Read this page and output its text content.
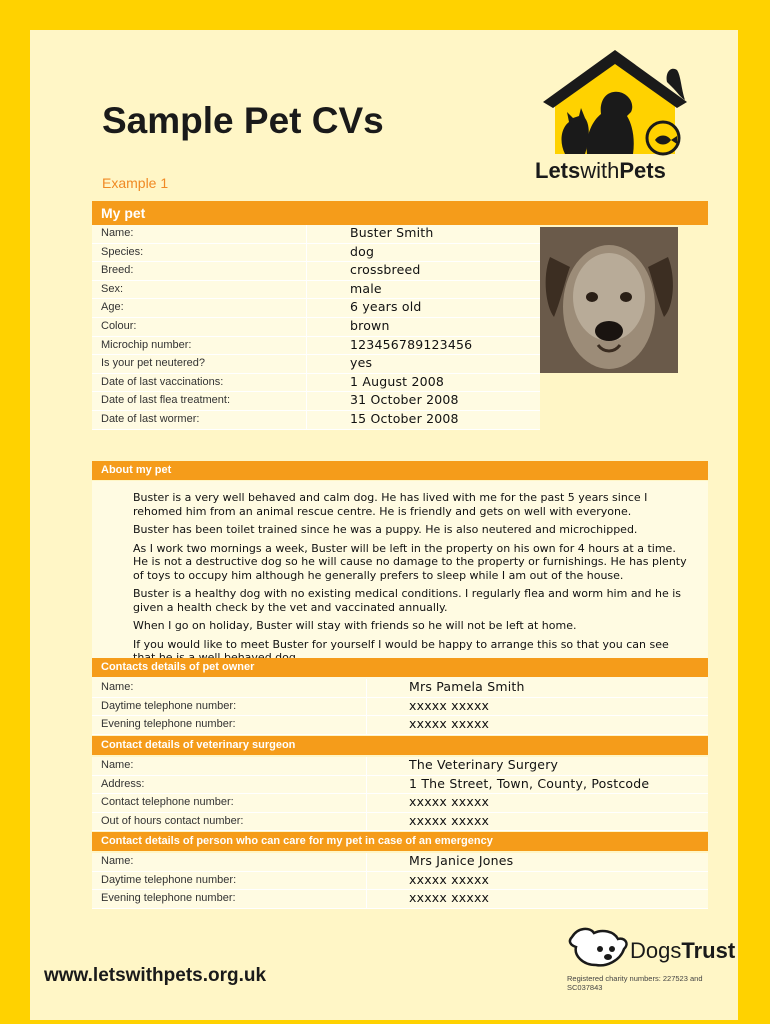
Sample Pet CVs
Example 1	LetswithPets
My pet
Name:	Buster Smith
Species:	dog
Breed:	crossbreed
Sex:	male
Age:	6 years old
Colour:	brown
Microchip number:	123456789123456
Is your pet neutered?	yes
Date of last vaccinations:	1 August 2008
Date of last flea treatment:	31 October 2008
Date of last wormer:	15 October 2008
About my pet

Buster is a very well behaved and calm dog. He has lived with me for the past 5 years since I rehomed him from an animal rescue centre. He is friendly and gets on well with everyone.

Buster has been toilet trained since he was a puppy. He is also neutered and microchipped.

As I work two mornings a week, Buster will be left in the property on his own for 4 hours at a time. He is not a destructive dog so he will cause no damage to the property or furnishings. He has plenty of toys to occupy him although he generally prefers to sleep while I am out of the house.

Buster is a healthy dog with no existing medical conditions. I regularly flea and worm him and he is given a health check by the vet and vaccinated annually.

When I go on holiday, Buster will stay with friends so he will not be left at home.

If you would like to meet Buster for yourself I would be happy to arrange this so that you can see

Contacts details of pet owner
Name:	Mrs Pamela Smith
Daytime telephone number:	xxxxx xxxxx
Evening telephone number:	xxxxx xxxxx
Contact details of veterinary surgeon
Name:	The Veterinary Surgery
Address:	1 The Street, Town, County, Postcode
Contact telephone number:	xxxxx xxxxx
Out of hours contact number:	xxxxx xxxxx
Contact details of person who can care for my pet in case of an emergency
Name:	Mrs Janice Jones
Daytime telephone number:	xxxxx xxxxx
Evening telephone number:	xxxxx xxxxx
DogsTrust
Registered charity numbers: 227523 and SC037843
www.letswithpets.org.uk
